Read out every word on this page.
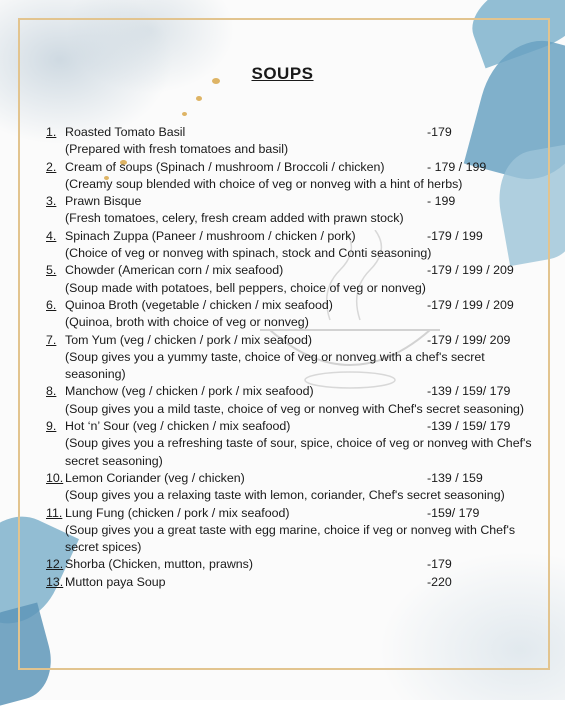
SOUPS
1. Roasted Tomato Basil	-179
(Prepared with fresh tomatoes and basil)
2. Cream of soups (Spinach / mushroom / Broccoli / chicken)	- 179 / 199
(Creamy soup blended with choice of veg or nonveg with a hint of herbs)
3. Prawn Bisque	- 199
(Fresh tomatoes, celery, fresh cream added with prawn stock)
4. Spinach Zuppa (Paneer / mushroom / chicken / pork)	-179 / 199
(Choice of veg or nonveg with spinach, stock and Conti seasoning)
5. Chowder (American corn / mix seafood)	-179 / 199 / 209
(Soup made with potatoes, bell peppers, choice of veg or nonveg)
6. Quinoa Broth (vegetable / chicken / mix seafood)	-179 / 199 / 209
(Quinoa, broth with choice of veg or nonveg)
7. Tom Yum (veg / chicken / pork / mix seafood)	-179 / 199/ 209
(Soup gives you a yummy taste, choice of veg or nonveg with a chef's secret seasoning)
8. Manchow (veg / chicken / pork / mix seafood)	-139 / 159/ 179
(Soup gives you a mild taste, choice of veg or nonveg with Chef's secret seasoning)
9. Hot ‘n’ Sour (veg / chicken / mix seafood)	-139 / 159/ 179
(Soup gives you a refreshing taste of sour, spice, choice of veg or nonveg with Chef's secret seasoning)
10. Lemon Coriander (veg / chicken)	-139 / 159
(Soup gives you a relaxing taste with lemon, coriander, Chef's secret seasoning)
11. Lung Fung (chicken / pork / mix seafood)	-159/ 179
(Soup gives you a great taste with egg marine, choice if veg or nonveg with Chef's secret spices)
12. Shorba (Chicken, mutton, prawns)	-179
13. Mutton paya Soup	-220
